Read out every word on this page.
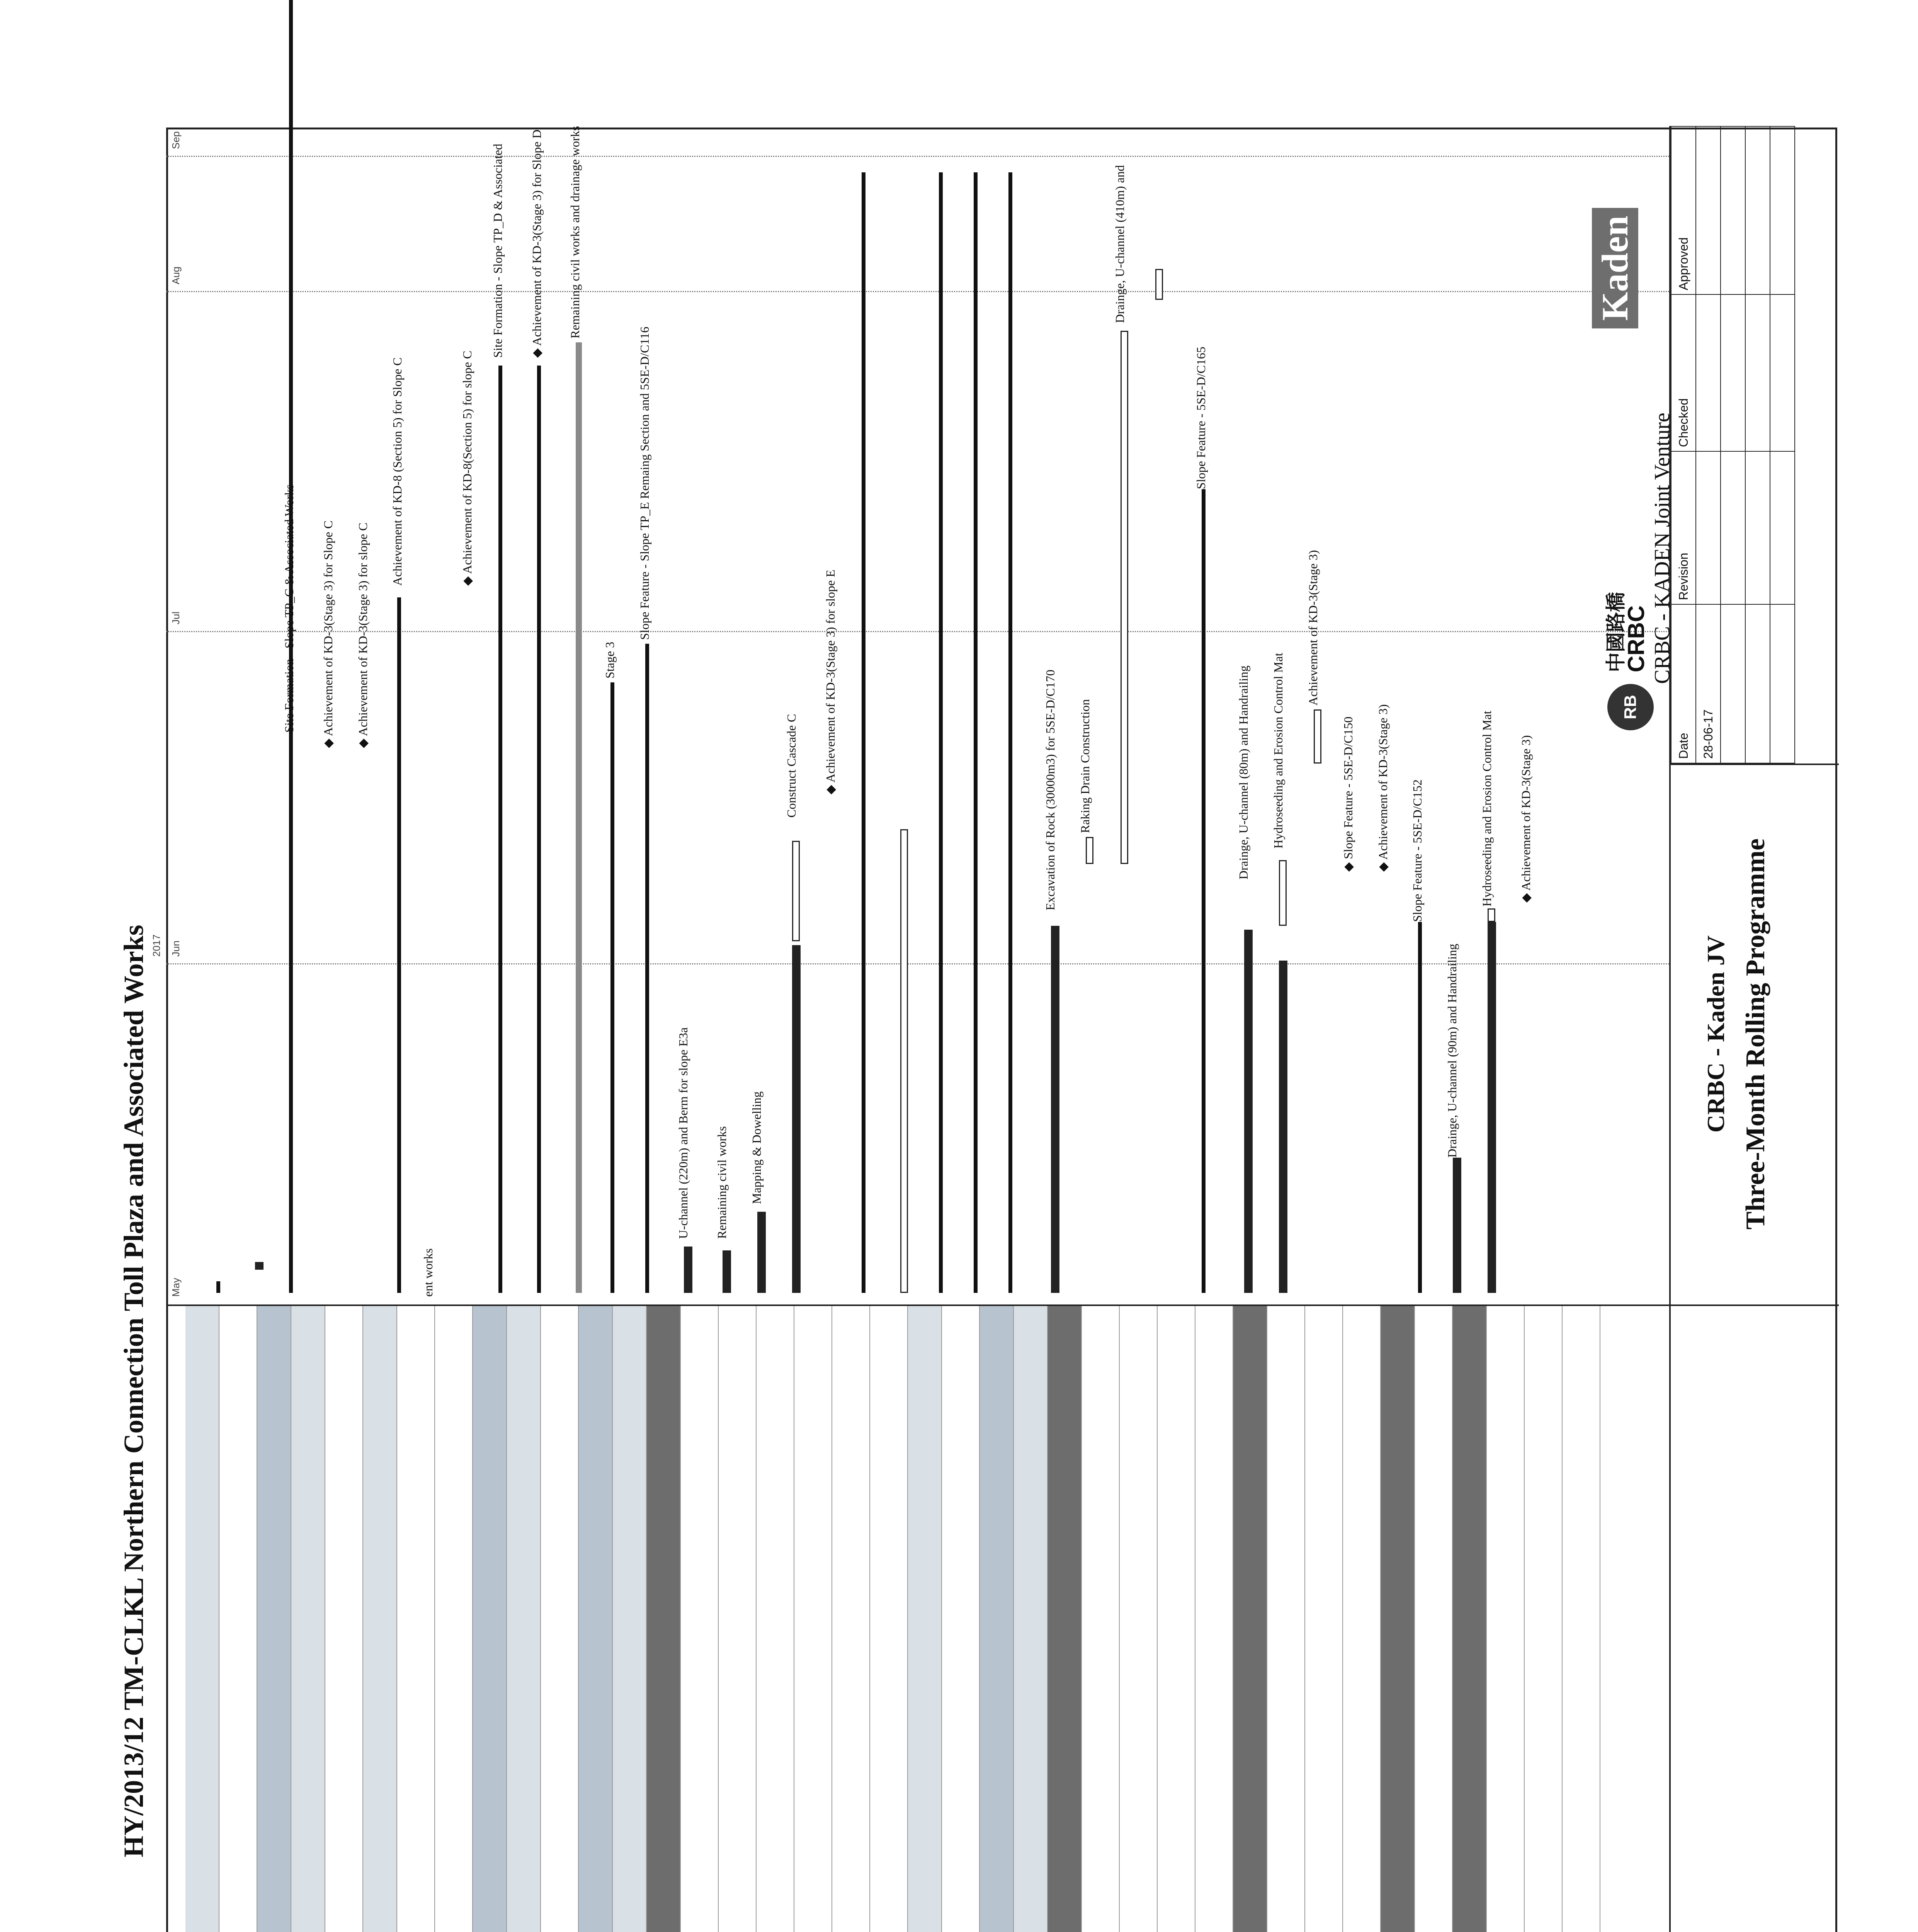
HY/2013/12 TM-CLKL Northern Connection Toll Plaza and Associated Works 2017
May
Jun
Jul
Aug
Sep
Site Formation - Slope TP_C & Associated Works
◆ Achievement of KD-3(Stage 3) for Slope C
◆ Achievement of KD-3(Stage 3) for slope C
Achievement of KD-8 (Section 5) for Slope C
ent works
◆ Achievement of KD-8(Section 5) for slope C
Site Formation - Slope TP_D & Associated ◆ Achievement of KD-3(Stage 3) for Slope D Remaining civil works and drainage works
Stage 3
Slope Feature - Slope TP_E Remaing Section and 5SE-D/C116
U-channel (220m) and Berm for slope E3a Remaining civil works Mapping & Dowelling
Construct Cascade C ◆ Achievement of KD-3(Stage 3) for slope E	Excavation of Rock (30000m3) for 5SE-D/C170 Raking Drain Construction
Drainge, U-channel (410m) and
Slope Feature - 5SE-D/C165
Drainge, U-channel (80m) and Handrailing Hydroseeding and Erosion Control Mat
Achievement of KD-3(Stage 3)
◆ Slope Feature - 5SE-D/C150
◆ Achievement of KD-3(Stage 3) Slope Feature - 5SE-D/C152
Drainge, U-channel (90m) and Handrailing
Hydroseeding and Erosion Control Mat ◆ Achievement of KD-3(Stage 3)
CRBC - Kaden JV Three-Month Rolling Programme
Date	Revision	Checked	Approved
28-06-17			

RB
中國路橋
CRBC
Kaden
CRBC - KADEN Joint Venture
